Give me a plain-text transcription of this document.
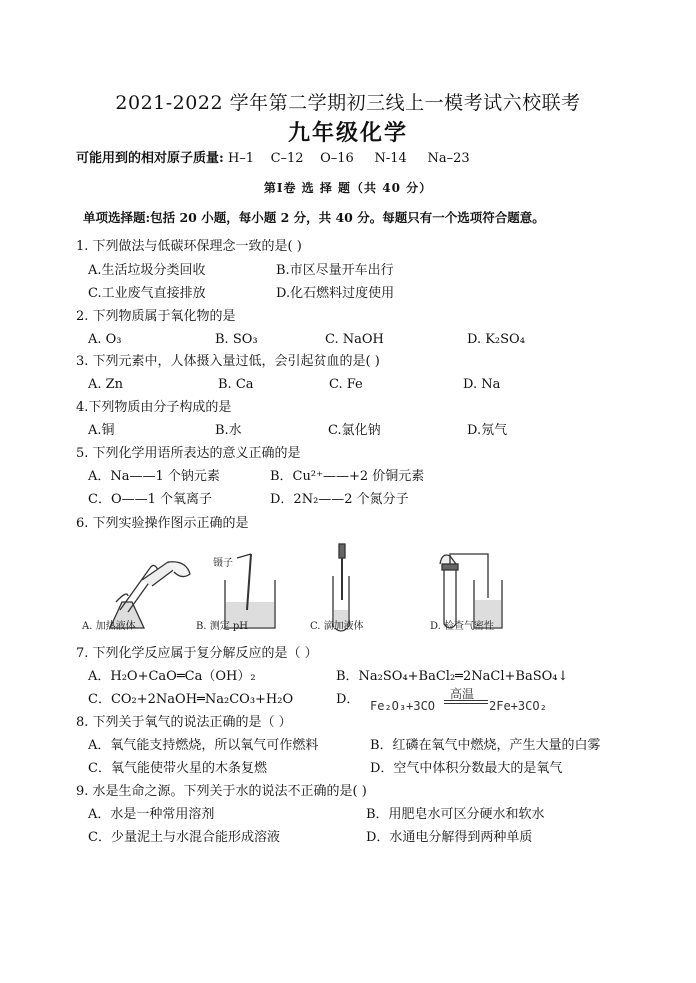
2021-2022 学年第二学期初三线上一模考试六校联考
九年级化学
可能用到的相对原子质量: H–1    C–12    O–16     N-14     Na–23
第Ⅰ卷 选 择 题（共 40 分）
单项选择题:包括 20 小题，每小题 2 分，共 40 分。每题只有一个选项符合题意。
1. 下列做法与低碳环保理念一致的是( )
A.生活垃圾分类回收	B.市区尽量开车出行
C.工业废气直接排放	D.化石燃料过度使用
2. 下列物质属于氧化物的是
A. O₃	B. SO₃	C. NaOH	D. K₂SO₄
3. 下列元素中，人体摄入量过低，会引起贫血的是( )
A. Zn	B. Ca	C. Fe	D. Na
4.下列物质由分子构成的是
A.铜	B.水	C.氯化钠	D.氖气
5. 下列化学用语所表达的意义正确的是
A．Na——1 个钠元素	B．Cu²⁺——+2 价铜元素
C．O——1 个氧离子	D．2N₂——2 个氮分子
6. 下列实验操作图示正确的是
A. 加热液体
镊子
B. 测定 pH	C. 滴加液体	D. 检查气密性
7. 下列化学反应属于复分解反应的是（ ）
A．H₂O+CaO═Ca（OH）₂	B．Na₂SO₄+BaCl₂═2NaCl+BaSO₄↓
C．CO₂+2NaOH═Na₂CO₃+H₂O	D． Fe₂O₃+3CO
高温
2Fe+3CO₂
8. 下列关于氧气的说法正确的是（ ）
A．氧气能支持燃烧，所以氧气可作燃料	B．红磷在氧气中燃烧，产生大量的白雾
C．氧气能使带火星的木条复燃	D．空气中体积分数最大的是氧气
9. 水是生命之源。下列关于水的说法不正确的是( )
A．水是一种常用溶剂	B．用肥皂水可区分硬水和软水
C．少量泥土与水混合能形成溶液	D．水通电分解得到两种单质
